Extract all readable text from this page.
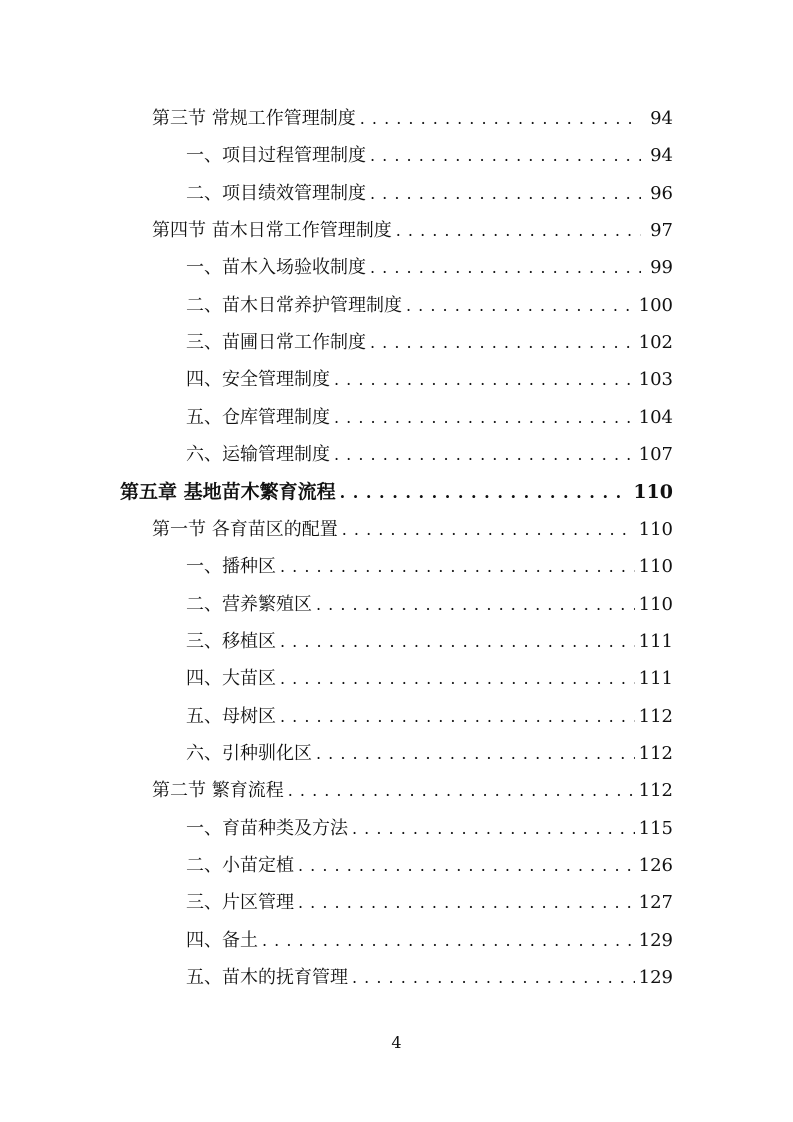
第三节 常规工作管理制度 . . .	94
一、项目过程管理制度 . . .	94
二、项目绩效管理制度 . . .	96
第四节 苗木日常工作管理制度 . . .	97
一、苗木入场验收制度 . . .	99
二、苗木日常养护管理制度 . . .	100
三、苗圃日常工作制度 . . .	102
四、安全管理制度 . . .	103
五、仓库管理制度 . . .	104
六、运输管理制度 . . .	107
第五章 基地苗木繁育流程 . . .	110
第一节 各育苗区的配置 . . .	110
一、播种区 . . .	110
二、营养繁殖区 . . .	110
三、移植区 . . .	111
四、大苗区 . . .	111
五、母树区 . . .	112
六、引种驯化区 . . .	112
第二节 繁育流程 . . .	112
一、育苗种类及方法 . . .	115
二、小苗定植 . . .	126
三、片区管理 . . .	127
四、备土 . . .	129
五、苗木的抚育管理 . . .	129
4
